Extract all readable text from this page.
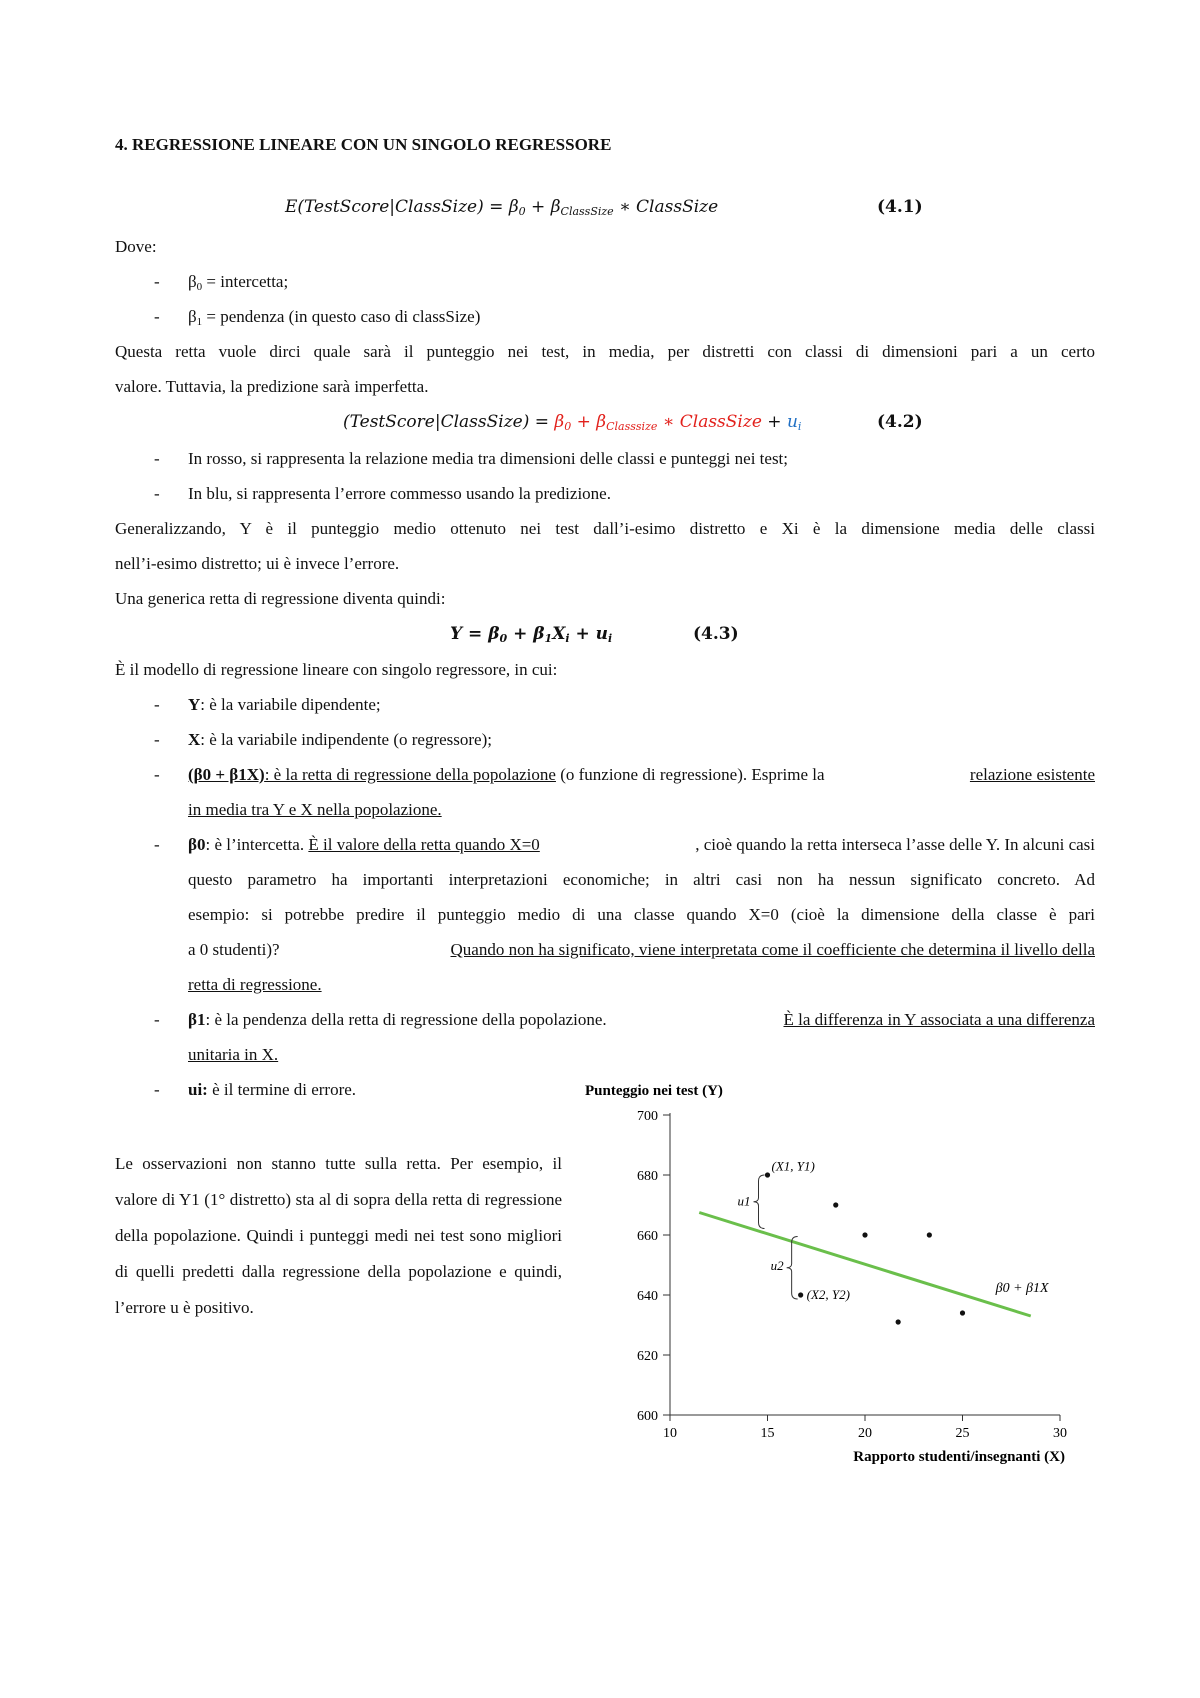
4. REGRESSIONE LINEARE CON UN SINGOLO REGRESSORE
E(TestScore|ClassSize) = $\beta_0 + \beta_{ClassSize}$ ∗ ClassSize	(4.1)
Dove:
- $\beta_0$ = intercetta;
- $\beta_1$ = pendenza (in questo caso di classSize)
Questa retta vuole dirci quale sarà il punteggio nei test, in media, per distretti con classi di dimensioni pari a un certo
valore. Tuttavia, la predizione sarà imperfetta.
(TestScore|ClassSize) = $\beta_0 + \beta_{Classsize}$ ∗ ClassSize + $u_i$	(4.2)
- In rosso, si rappresenta la relazione media tra dimensioni delle classi e punteggi nei test;
- In blu, si rappresenta l’errore commesso usando la predizione.
Generalizzando, Y è il punteggio medio ottenuto nei test dall’i-esimo distretto e Xi è la dimensione media delle classi
nell’i-esimo distretto; ui è invece l’errore.
Una generica retta di regressione diventa quindi:
$Y = \beta_0 + \beta_1X_i + u_i$	(4.3)
È il modello di regressione lineare con singolo regressore, in cui:
- Y: è la variabile dipendente;
- X: è la variabile indipendente (o regressore);
- (β0 + β1X): è la retta di regressione della popolazione (o funzione di regressione). Esprime la	relazione esistente
in media tra Y e X nella popolazione.
- β0: è l’intercetta. È il valore della retta quando X=0	, cioè quando la retta interseca l’asse delle Y. In alcuni casi
questo parametro ha importanti interpretazioni economiche; in altri casi non ha nessun significato concreto. Ad
esempio: si potrebbe predire il punteggio medio di una classe quando X=0 (cioè la dimensione della classe è pari
a 0 studenti)?	Quando non ha significato, viene interpretata come il coefficiente che determina il livello della
retta di regressione.
- β1: è la pendenza della retta di regressione della popolazione.	È la differenza in Y associata a una differenza
unitaria in X.
- ui: è il termine di errore.
Le osservazioni non stanno tutte sulla retta. Per esempio, il valore di Y1 (1° distretto) sta al di sopra della retta di regressione della popolazione. Quindi i punteggi medi nei test sono migliori di quelli predetti dalla regressione della popolazione e quindi, l’errore u è positivo.
Punteggio nei test (Y)
600
620
640
660
680
700
10	15	20	25	30
Rapporto studenti/insegnanti (X)
β0 + β1X
(X1, Y1)
(X2, Y2)
u1
u2
